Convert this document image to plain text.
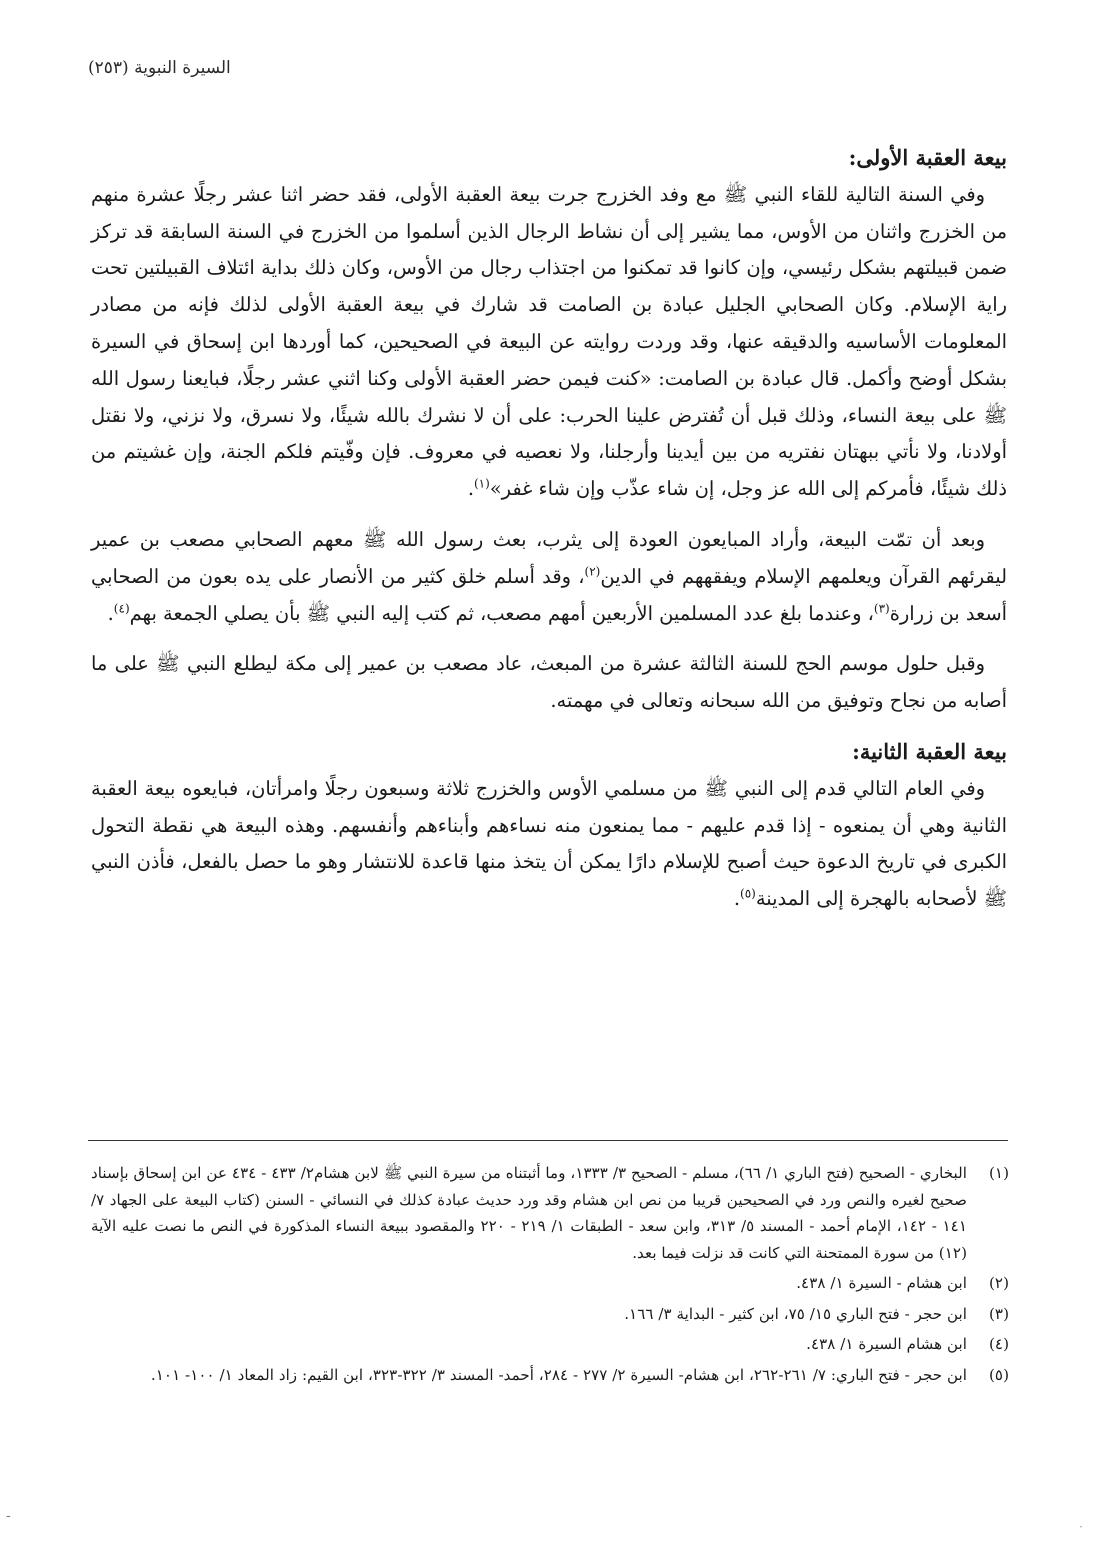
السيرة النبوية (٢٥٣)

بيعة العقبة الأولى:

وفي السنة التالية للقاء النبي ﷺ مع وفد الخزرج جرت بيعة العقبة الأولى، فقد حضر اثنا عشر رجلًا عشرة منهم من الخزرج واثنان من الأوس، مما يشير إلى أن نشاط الرجال الذين أسلموا من الخزرج في السنة السابقة قد تركز ضمن قبيلتهم بشكل رئيسي، وإن كانوا قد تمكنوا من اجتذاب رجال من الأوس، وكان ذلك بداية ائتلاف القبيلتين تحت راية الإسلام. وكان الصحابي الجليل عبادة بن الصامت قد شارك في بيعة العقبة الأولى لذلك فإنه من مصادر المعلومات الأساسيه والدقيقه عنها، وقد وردت روايته عن البيعة في الصحيحين، كما أوردها ابن إسحاق في السيرة بشكل أوضح وأكمل. قال عبادة بن الصامت: «كنت فيمن حضر العقبة الأولى وكنا اثني عشر رجلًا، فبايعنا رسول الله ﷺ على بيعة النساء، وذلك قبل أن تُفترض علينا الحرب: على أن لا نشرك بالله شيئًا، ولا نسرق، ولا نزني، ولا نقتل أولادنا، ولا نأتي ببهتان نفتريه من بين أيدينا وأرجلنا، ولا نعصيه في معروف. فإن وفّيتم فلكم الجنة، وإن غشيتم من ذلك شيئًا، فأمركم إلى الله عز وجل، إن شاء عذّب وإن شاء غفر»$^{(١)}$.

وبعد أن تمّت البيعة، وأراد المبايعون العودة إلى يثرب، بعث رسول الله ﷺ معهم الصحابي مصعب بن عمير ليقرئهم القرآن ويعلمهم الإسلام ويفقههم في الدين$^{(٢)}$، وقد أسلم خلق كثير من الأنصار على يده بعون من الصحابي أسعد بن زرارة$^{(٣)}$، وعندما بلغ عدد المسلمين الأربعين أمهم مصعب، ثم كتب إليه النبي ﷺ بأن يصلي الجمعة بهم$^{(٤)}$.

وقبل حلول موسم الحج للسنة الثالثة عشرة من المبعث، عاد مصعب بن عمير إلى مكة ليطلع النبي ﷺ على ما أصابه من نجاح وتوفيق من الله سبحانه وتعالى في مهمته.

بيعة العقبة الثانية:

وفي العام التالي قدم إلى النبي ﷺ من مسلمي الأوس والخزرج ثلاثة وسبعون رجلًا وامرأتان، فبايعوه بيعة العقبة الثانية وهي أن يمنعوه - إذا قدم عليهم - مما يمنعون منه نساءهم وأبناءهم وأنفسهم. وهذه البيعة هي نقطة التحول الكبرى في تاريخ الدعوة حيث أصبح للإسلام دارًا يمكن أن يتخذ منها قاعدة للانتشار وهو ما حصل بالفعل، فأذن النبي ﷺ لأصحابه بالهجرة إلى المدينة$^{(٥)}$.

(١)
البخاري - الصحيح (فتح الباري ١/ ٦٦)، مسلم - الصحيح ٣/ ١٣٣٣، وما أثبتناه من سيرة النبي ﷺ لابن هشام٢/ ٤٣٣ - ٤٣٤ عن ابن إسحاق بإسناد صحيح لغيره والنص ورد في الصحيحين قريبا من نص ابن هشام وقد ورد حديث عبادة كذلك في النسائي - السنن (كتاب البيعة على الجهاد ٧/ ١٤١ - ١٤٢، الإمام أحمد - المسند ٥/ ٣١٣، وابن سعد - الطبقات ١/ ٢١٩ - ٢٢٠ والمقصود ببيعة النساء المذكورة في النص ما نصت عليه الآية (١٢) من سورة الممتحنة التي كانت قد نزلت فيما بعد.
(٢)
ابن هشام - السيرة ١/ ٤٣٨.
(٣)
ابن حجر - فتح الباري ١٥/ ٧٥، ابن كثير - البداية ٣/ ١٦٦.
(٤)
ابن هشام السيرة ١/ ٤٣٨.
(٥)
ابن حجر - فتح الباري: ٧/ ٢٦١-٢٦٢، ابن هشام- السيرة ٢/ ٢٧٧ - ٢٨٤، أحمد- المسند ٣/ ٣٢٢-٣٢٣، ابن القيم: زاد المعاد ١/ ١٠٠- ١٠١.
-
·
